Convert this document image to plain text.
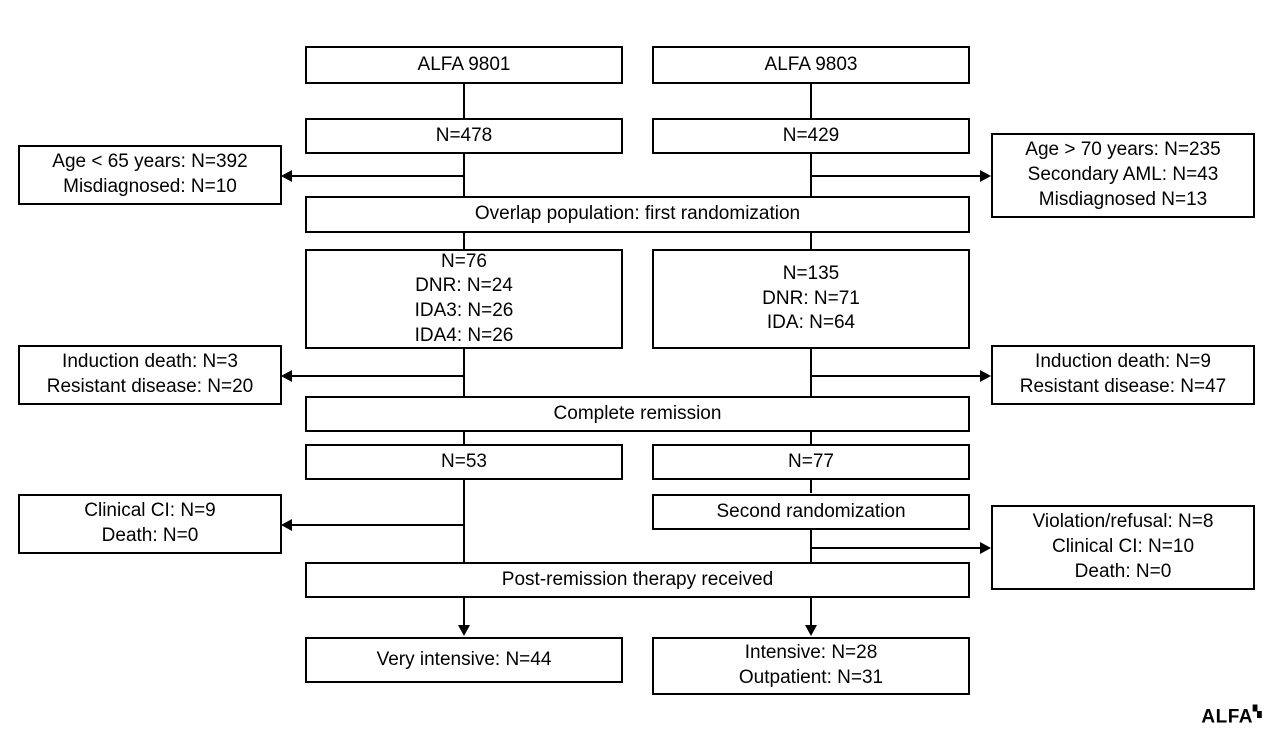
ALFA 9801	ALFA 9803
N=478	N=429
Age < 65 years: N=392
Misdiagnosed: N=10
Age > 70 years: N=235
Secondary AML: N=43
Misdiagnosed N=13
Overlap population: first randomization
N=76
DNR: N=24
IDA3: N=26
IDA4: N=26
N=135
DNR: N=71
IDA: N=64
Induction death: N=3
Resistant disease: N=20
Induction death: N=9
Resistant disease: N=47
Complete remission
N=53	N=77
Clinical CI: N=9
Death: N=0
Second randomization
Violation/refusal: N=8
Clinical CI: N=10
Death: N=0
Post-remission therapy received
Very intensive: N=44	Intensive: N=28
Outpatient: N=31
ALFA▚
